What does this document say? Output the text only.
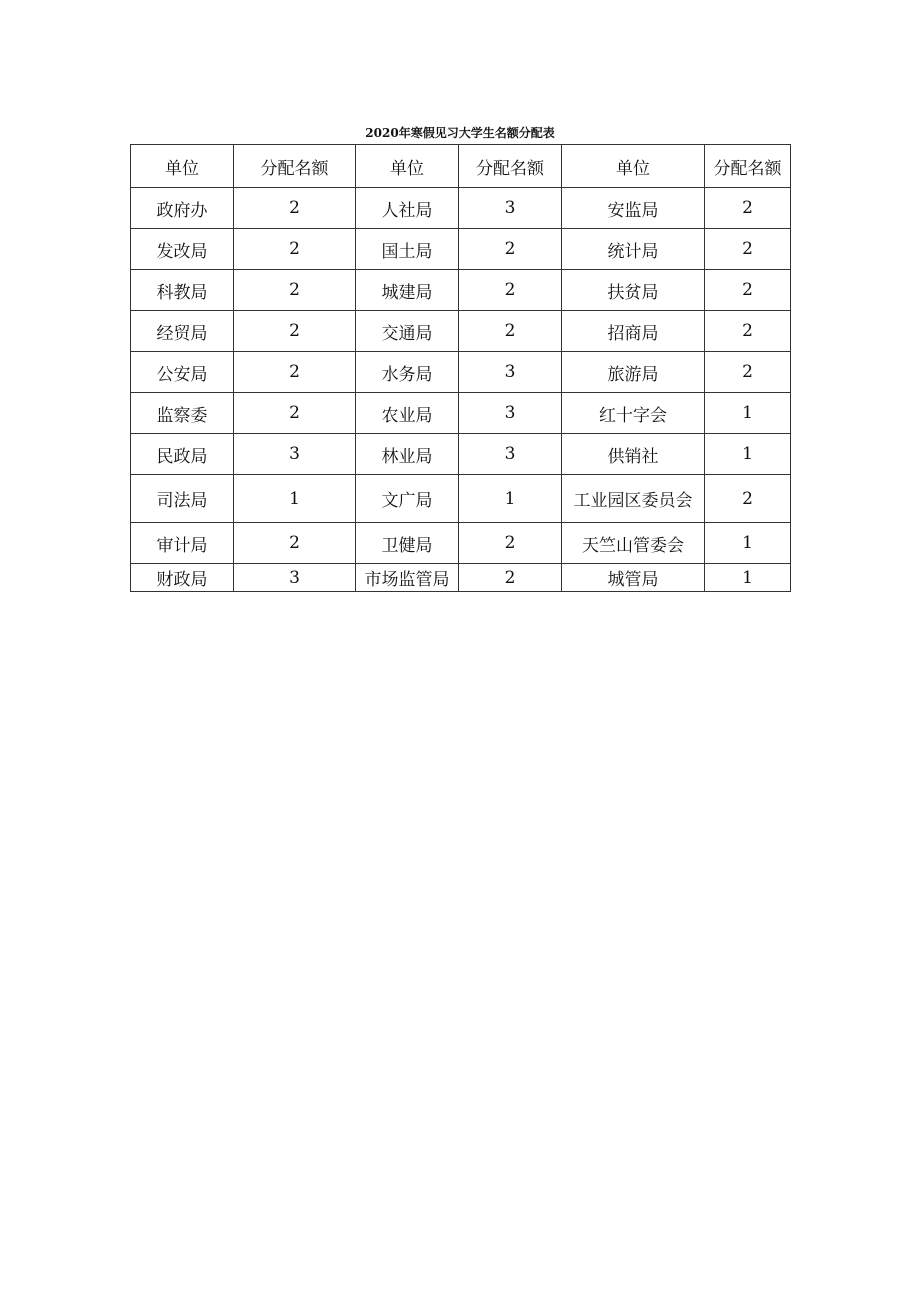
2020年寒假见习大学生名额分配表
单位	分配名额	单位	分配名额	单位	分配名额
政府办	2	人社局	3	安监局	2
发改局	2	国土局	2	统计局	2
科教局	2	城建局	2	扶贫局	2
经贸局	2	交通局	2	招商局	2
公安局	2	水务局	3	旅游局	2
监察委	2	农业局	3	红十字会	1
民政局	3	林业局	3	供销社	1
司法局	1	文广局	1	工业园区委员会	2
审计局	2	卫健局	2	天竺山管委会	1
财政局	3	市场监管局	2	城管局	1
